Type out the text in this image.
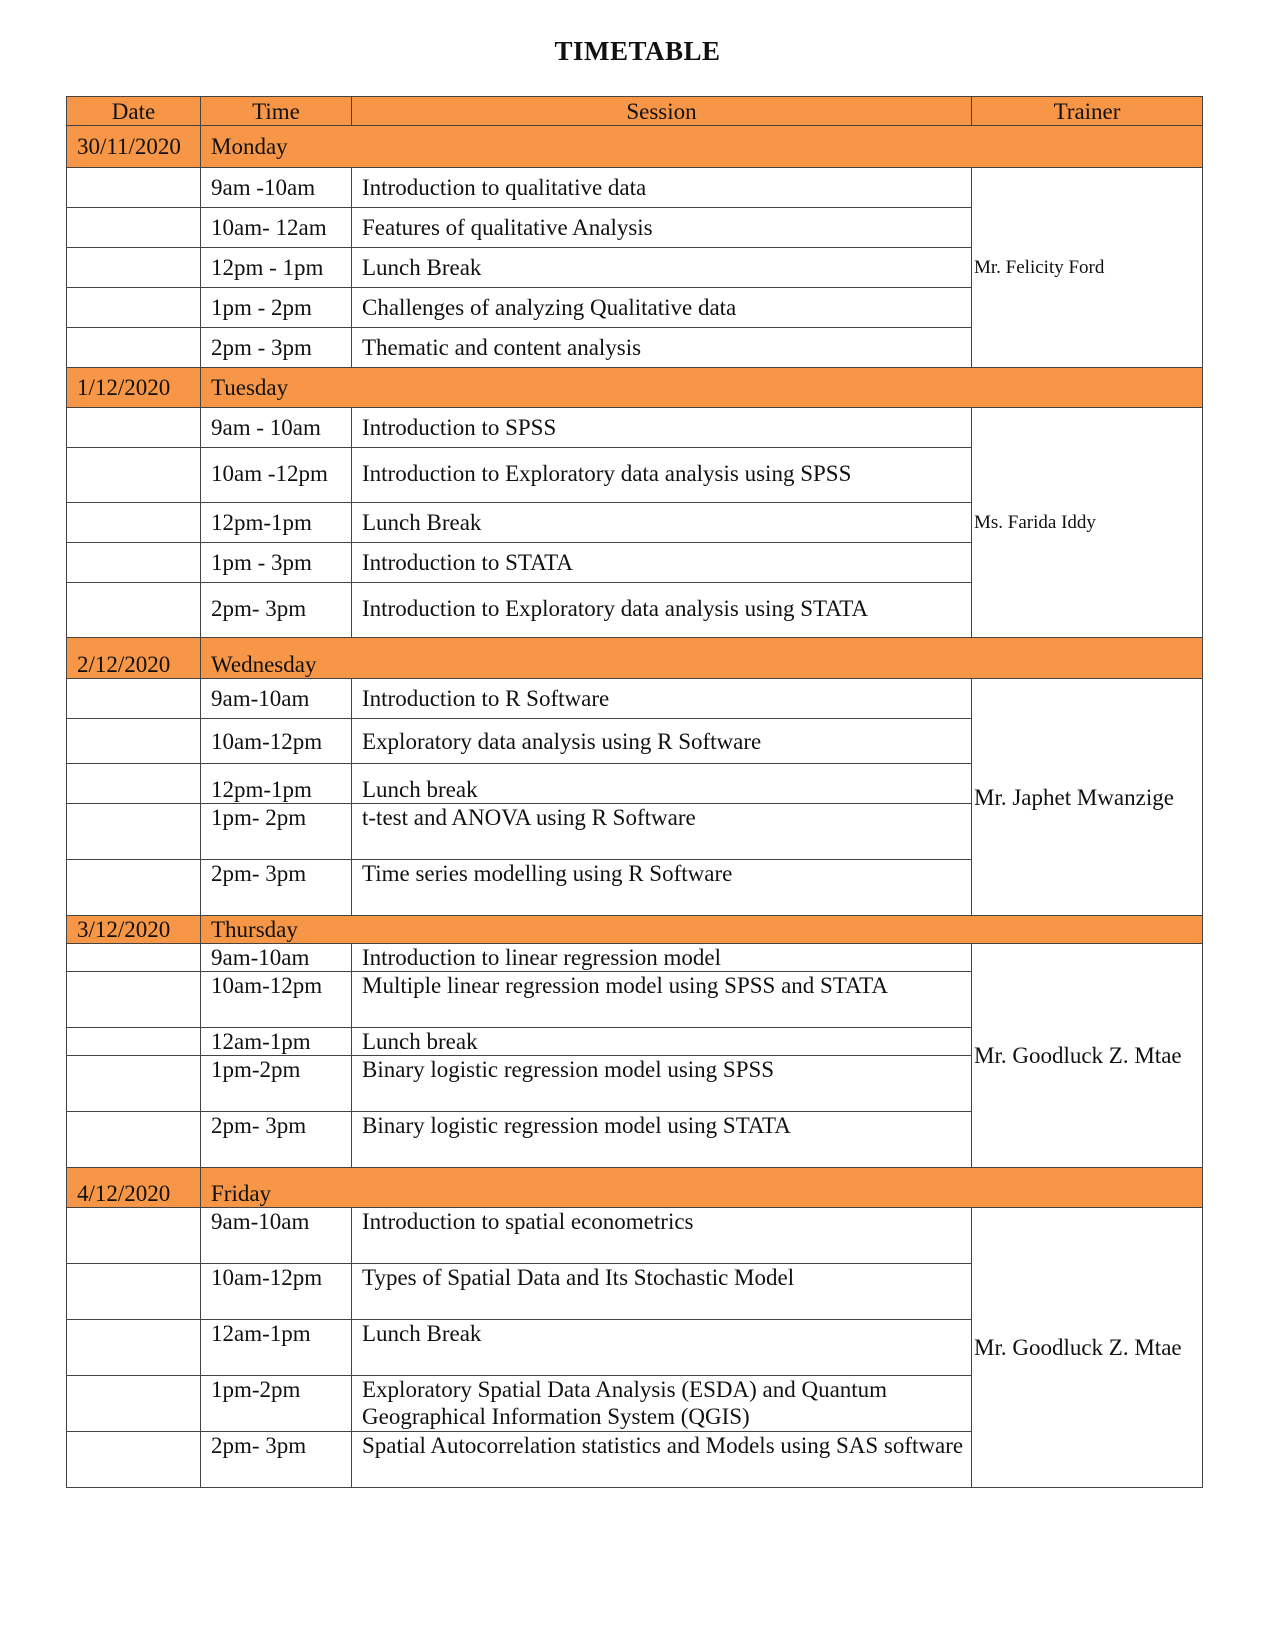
TIMETABLE
Date	Time	Session	Trainer
30/11/2020	Monday		
	9am -10am	Introduction to qualitative data	Mr. Felicity Ford
	10am- 12am	Features of qualitative Analysis	
	12pm - 1pm	Lunch Break	
	1pm - 2pm	Challenges of analyzing Qualitative data	
	2pm - 3pm	Thematic and content analysis	
1/12/2020	Tuesday		
	9am - 10am	Introduction to SPSS	Ms. Farida Iddy
	10am -12pm	Introduction to Exploratory data analysis using SPSS	
	12pm-1pm	Lunch Break	
	1pm - 3pm	Introduction to STATA	
	2pm- 3pm	Introduction to Exploratory data analysis using STATA	
2/12/2020	Wednesday		
	9am-10am	Introduction to R Software	Mr. Japhet Mwanzige
	10am-12pm	Exploratory data analysis using R Software	
	12pm-1pm	Lunch break	
	1pm- 2pm	t-test and ANOVA using R Software	
	2pm- 3pm	Time series modelling using R Software	
3/12/2020	Thursday		
	9am-10am	Introduction to linear regression model	Mr. Goodluck Z. Mtae
	10am-12pm	Multiple linear regression model using SPSS and STATA	
	12am-1pm	Lunch break	
	1pm-2pm	Binary logistic regression model using SPSS	
	2pm- 3pm	Binary logistic regression model using STATA	
4/12/2020	Friday		
	9am-10am	Introduction to spatial econometrics	Mr. Goodluck Z. Mtae
	10am-12pm	Types of Spatial Data and Its Stochastic Model	
	12am-1pm	Lunch Break	
	1pm-2pm	Exploratory Spatial Data Analysis (ESDA) and Quantum Geographical Information System (QGIS)	
	2pm- 3pm	Spatial Autocorrelation statistics and Models using SAS software	
